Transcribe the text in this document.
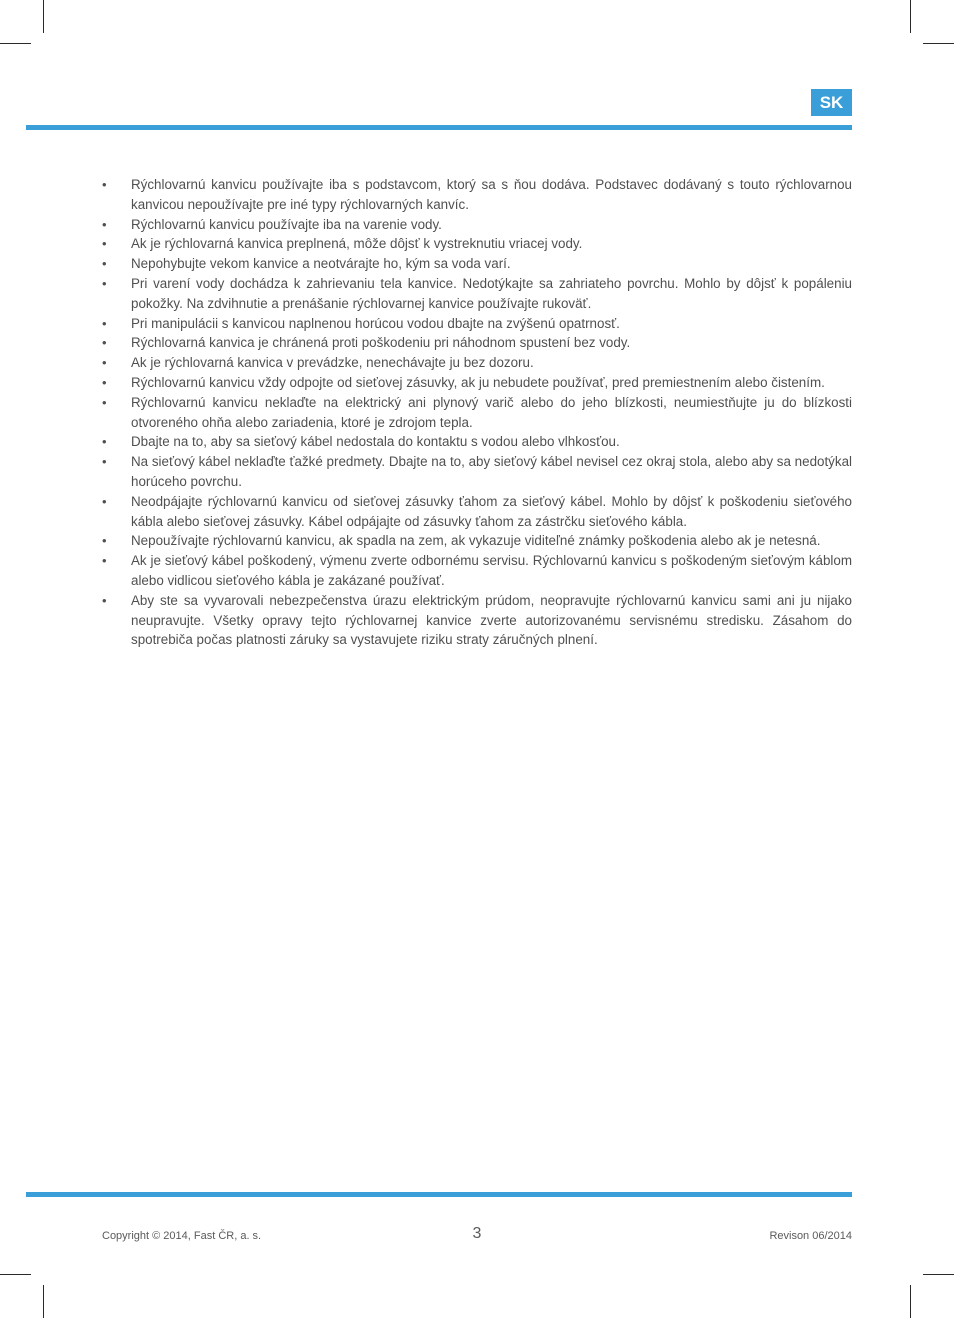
SK
•	Rýchlovarnú kanvicu používajte iba s podstavcom, ktorý sa s ňou dodáva. Podstavec dodávaný s touto rýchlovarnou kanvicou nepoužívajte pre iné typy rýchlovarných kanvíc.
•	Rýchlovarnú kanvicu používajte iba na varenie vody.
•	Ak je rýchlovarná kanvica preplnená, môže dôjsť k vystreknutiu vriacej vody.
•	Nepohybujte vekom kanvice a neotvárajte ho, kým sa voda varí.
•	Pri varení vody dochádza k zahrievaniu tela kanvice. Nedotýkajte sa zahriateho povrchu. Mohlo by dôjsť k popáleniu pokožky. Na zdvihnutie a prenášanie rýchlovarnej kanvice používajte rukoväť.
•	Pri manipulácii s kanvicou naplnenou horúcou vodou dbajte na zvýšenú opatrnosť.
•	Rýchlovarná kanvica je chránená proti poškodeniu pri náhodnom spustení bez vody.
•	Ak je rýchlovarná kanvica v prevádzke, nenechávajte ju bez dozoru.
•	Rýchlovarnú kanvicu vždy odpojte od sieťovej zásuvky, ak ju nebudete používať, pred premiestnením alebo čistením.
•	Rýchlovarnú kanvicu neklaďte na elektrický ani plynový varič alebo do jeho blízkosti, neumiestňujte ju do blízkosti otvoreného ohňa alebo zariadenia, ktoré je zdrojom tepla.
•	Dbajte na to, aby sa sieťový kábel nedostala do kontaktu s vodou alebo vlhkosťou.
•	Na sieťový kábel neklaďte ťažké predmety. Dbajte na to, aby sieťový kábel nevisel cez okraj stola, alebo aby sa nedotýkal horúceho povrchu.
•	Neodpájajte rýchlovarnú kanvicu od sieťovej zásuvky ťahom za sieťový kábel. Mohlo by dôjsť k poškodeniu sieťového kábla alebo sieťovej zásuvky. Kábel odpájajte od zásuvky ťahom za zástrčku sieťového kábla.
•	Nepoužívajte rýchlovarnú kanvicu, ak spadla na zem, ak vykazuje viditeľné známky poškodenia alebo ak je netesná.
•	Ak je sieťový kábel poškodený, výmenu zverte odbornému servisu. Rýchlovarnú kanvicu s poškodeným sieťovým káblom alebo vidlicou sieťového kábla je zakázané používať.
•	Aby ste sa vyvarovali nebezpečenstva úrazu elektrickým prúdom, neopravujte rýchlovarnú kanvicu sami ani ju nijako neupravujte. Všetky opravy tejto rýchlovarnej kanvice zverte autorizovanému servisnému stredisku. Zásahom do spotrebiča počas platnosti záruky sa vystavujete riziku straty záručných plnení.
Copyright © 2014, Fast ČR, a. s.	3	Revison 06/2014
